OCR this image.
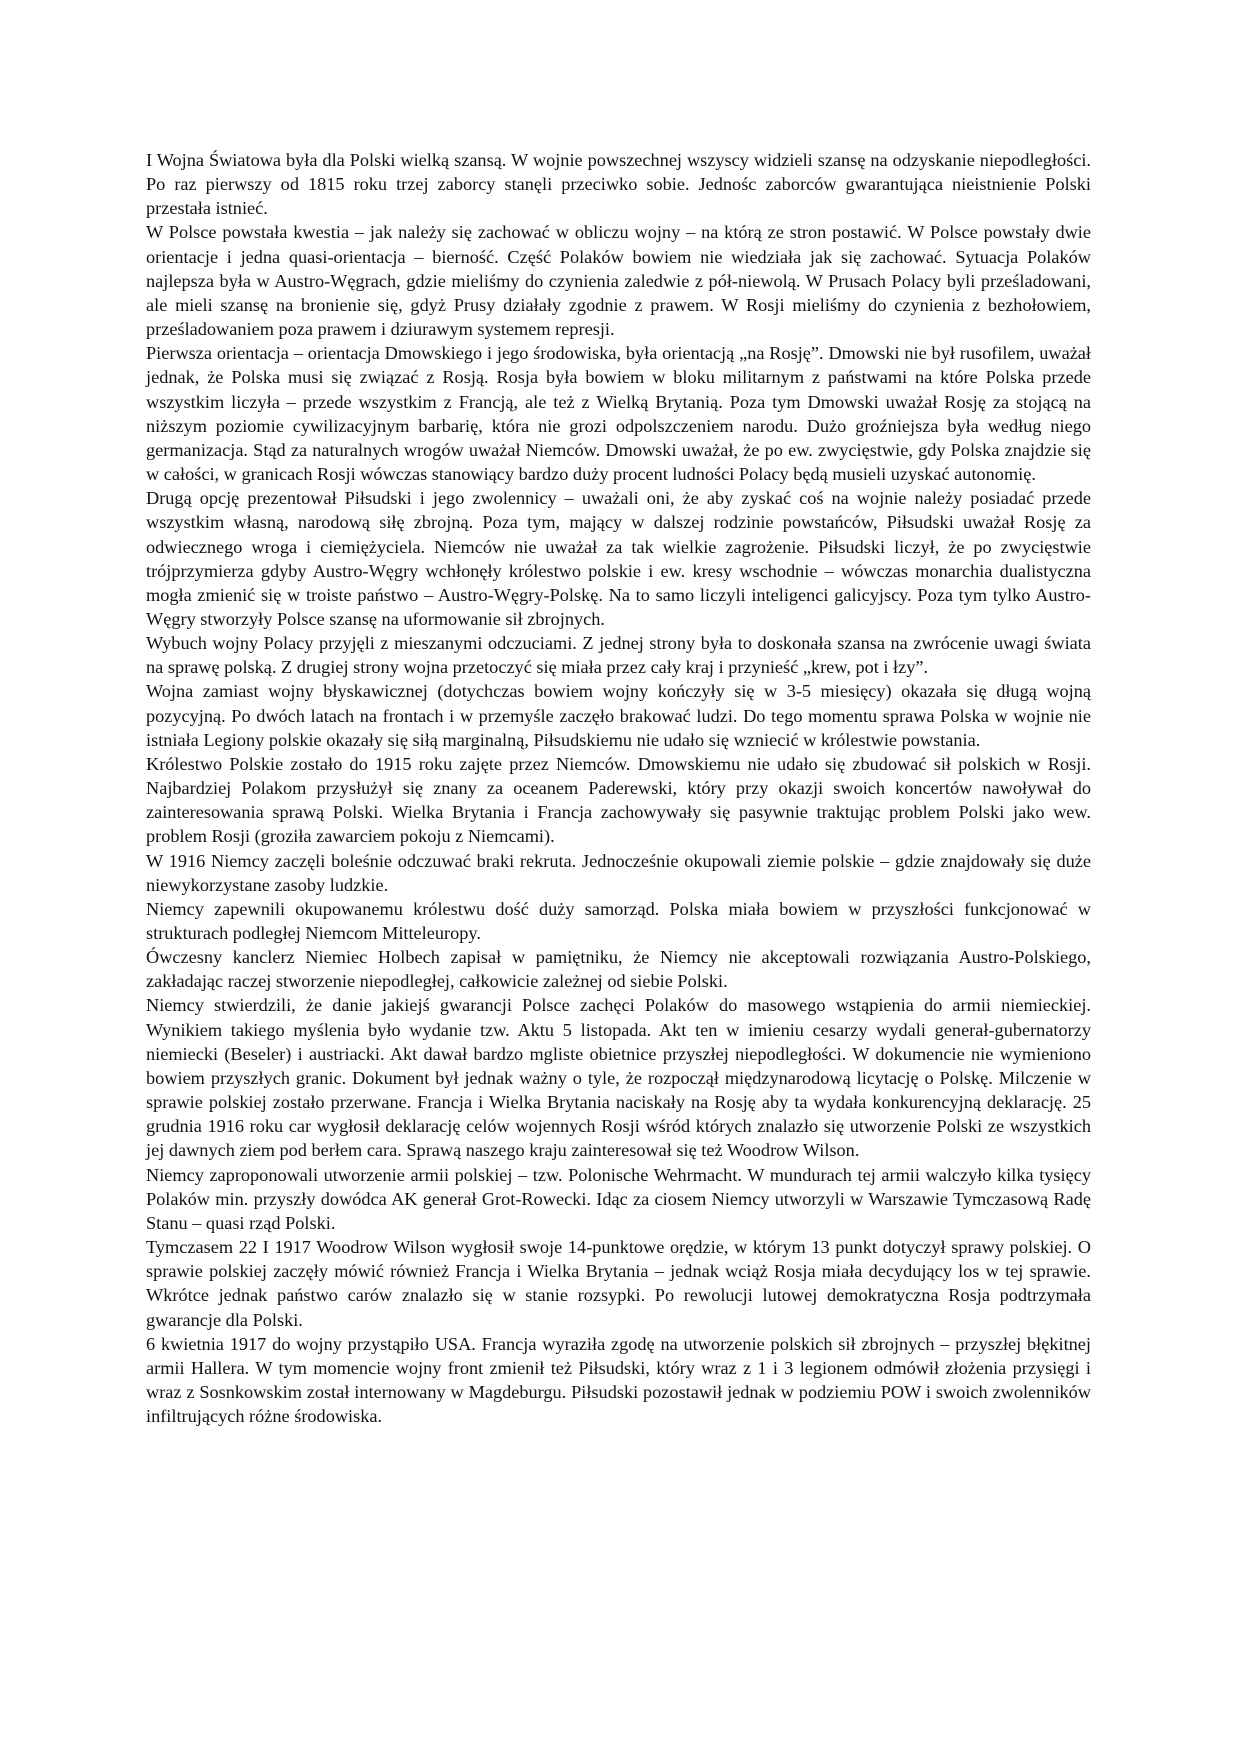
I Wojna Światowa była dla Polski wielką szansą. W wojnie powszechnej wszyscy widzieli szansę na odzyskanie niepodległości. Po raz pierwszy od 1815 roku trzej zaborcy stanęli przeciwko sobie. Jednośc zaborców gwarantująca nieistnienie Polski przestała istnieć.

W Polsce powstała kwestia – jak należy się zachować w obliczu wojny – na którą ze stron postawić. W Polsce powstały dwie orientacje i jedna quasi-orientacja – bierność. Część Polaków bowiem nie wiedziała jak się zachować. Sytuacja Polaków najlepsza była w Austro-Węgrach, gdzie mieliśmy do czynienia zaledwie z pół-niewolą. W Prusach Polacy byli prześladowani, ale mieli szansę na bronienie się, gdyż Prusy działały zgodnie z prawem. W Rosji mieliśmy do czynienia z bezhołowiem, prześladowaniem poza prawem i dziurawym systemem represji.

Pierwsza orientacja – orientacja Dmowskiego i jego środowiska, była orientacją „na Rosję”. Dmowski nie był rusofilem, uważał jednak, że Polska musi się związać z Rosją. Rosja była bowiem w bloku militarnym z państwami na które Polska przede wszystkim liczyła – przede wszystkim z Francją, ale też z Wielką Brytanią. Poza tym Dmowski uważał Rosję za stojącą na niższym poziomie cywilizacyjnym barbarię, która nie grozi odpolszczeniem narodu. Dużo groźniejsza była według niego germanizacja. Stąd za naturalnych wrogów uważał Niemców. Dmowski uważał, że po ew. zwycięstwie, gdy Polska znajdzie się w całości, w granicach Rosji wówczas stanowiący bardzo duży procent ludności Polacy będą musieli uzyskać autonomię.

Drugą opcję prezentował Piłsudski i jego zwolennicy – uważali oni, że aby zyskać coś na wojnie należy posiadać przede wszystkim własną, narodową siłę zbrojną. Poza tym, mający w dalszej rodzinie powstańców, Piłsudski uważał Rosję za odwiecznego wroga i ciemiężyciela. Niemców nie uważał za tak wielkie zagrożenie. Piłsudski liczył, że po zwycięstwie trójprzymierza gdyby Austro-Węgry wchłonęły królestwo polskie i ew. kresy wschodnie – wówczas monarchia dualistyczna mogła zmienić się w troiste państwo – Austro-Węgry-Polskę. Na to samo liczyli inteligenci galicyjscy. Poza tym tylko Austro-Węgry stworzyły Polsce szansę na uformowanie sił zbrojnych.

Wybuch wojny Polacy przyjęli z mieszanymi odczuciami. Z jednej strony była to doskonała szansa na zwrócenie uwagi świata na sprawę polską. Z drugiej strony wojna przetoczyć się miała przez cały kraj i przynieść „krew, pot i łzy”.

Wojna zamiast wojny błyskawicznej (dotychczas bowiem wojny kończyły się w 3-5 miesięcy) okazała się długą wojną pozycyjną. Po dwóch latach na frontach i w przemyśle zaczęło brakować ludzi. Do tego momentu sprawa Polska w wojnie nie istniała Legiony polskie okazały się siłą marginalną, Piłsudskiemu nie udało się wzniecić w królestwie powstania.

Królestwo Polskie zostało do 1915 roku zajęte przez Niemców. Dmowskiemu nie udało się zbudować sił polskich w Rosji. Najbardziej Polakom przysłużył się znany za oceanem Paderewski, który przy okazji swoich koncertów nawoływał do zainteresowania sprawą Polski. Wielka Brytania i Francja zachowywały się pasywnie traktując problem Polski jako wew. problem Rosji (groziła zawarciem pokoju z Niemcami).

W 1916 Niemcy zaczęli boleśnie odczuwać braki rekruta. Jednocześnie okupowali ziemie polskie – gdzie znajdowały się duże niewykorzystane zasoby ludzkie.

Niemcy zapewnili okupowanemu królestwu dość duży samorząd. Polska miała bowiem w przyszłości funkcjonować w strukturach podległej Niemcom Mitteleuropy.

Ówczesny kanclerz Niemiec Holbech zapisał w pamiętniku, że Niemcy nie akceptowali rozwiązania Austro-Polskiego, zakładając raczej stworzenie niepodległej, całkowicie zależnej od siebie Polski.

Niemcy stwierdzili, że danie jakiejś gwarancji Polsce zachęci Polaków do masowego wstąpienia do armii niemieckiej. Wynikiem takiego myślenia było wydanie tzw. Aktu 5 listopada. Akt ten w imieniu cesarzy wydali generał-gubernatorzy niemiecki (Beseler) i austriacki. Akt dawał bardzo mgliste obietnice przyszłej niepodległości. W dokumencie nie wymieniono bowiem przyszłych granic. Dokument był jednak ważny o tyle, że rozpoczął międzynarodową licytację o Polskę. Milczenie w sprawie polskiej zostało przerwane. Francja i Wielka Brytania naciskały na Rosję aby ta wydała konkurencyjną deklarację. 25 grudnia 1916 roku car wygłosił deklarację celów wojennych Rosji wśród których znalazło się utworzenie Polski ze wszystkich jej dawnych ziem pod berłem cara. Sprawą naszego kraju zainteresował się też Woodrow Wilson.

Niemcy zaproponowali utworzenie armii polskiej – tzw. Polonische Wehrmacht. W mundurach tej armii walczyło kilka tysięcy Polaków min. przyszły dowódca AK generał Grot-Rowecki. Idąc za ciosem Niemcy utworzyli w Warszawie Tymczasową Radę Stanu – quasi rząd Polski.

Tymczasem 22 I 1917 Woodrow Wilson wygłosił swoje 14-punktowe orędzie, w którym 13 punkt dotyczył sprawy polskiej. O sprawie polskiej zaczęły mówić również Francja i Wielka Brytania – jednak wciąż Rosja miała decydujący los w tej sprawie. Wkrótce jednak państwo carów znalazło się w stanie rozsypki. Po rewolucji lutowej demokratyczna Rosja podtrzymała gwarancje dla Polski.

6 kwietnia 1917 do wojny przystąpiło USA. Francja wyraziła zgodę na utworzenie polskich sił zbrojnych – przyszłej błękitnej armii Hallera. W tym momencie wojny front zmienił też Piłsudski, który wraz z 1 i 3 legionem odmówił złożenia przysięgi i wraz z Sosnkowskim został internowany w Magdeburgu. Piłsudski pozostawił jednak w podziemiu POW i swoich zwolenników infiltrujących różne środowiska.
